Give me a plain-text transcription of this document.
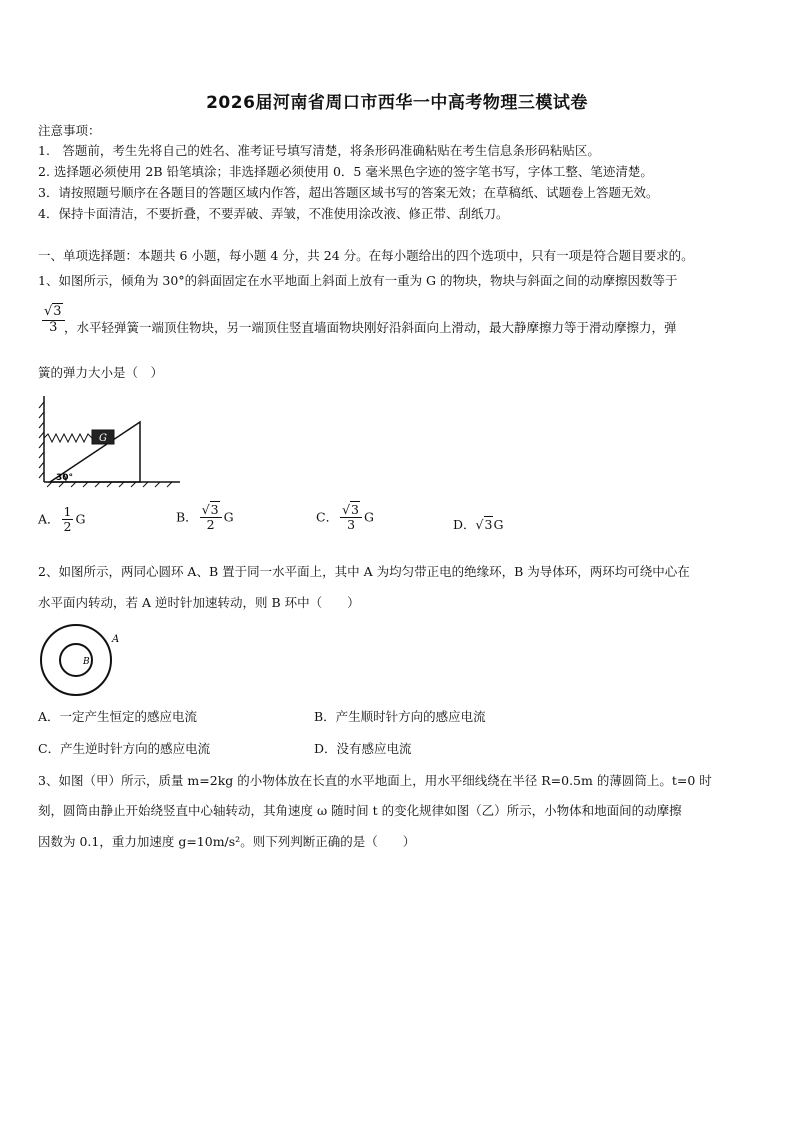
2026届河南省周口市西华一中高考物理三模试卷
注意事项：
1.　答题前，考生先将自己的姓名、准考证号填写清楚，将条形码准确粘贴在考生信息条形码粘贴区。
2. 选择题必须使用 2B 铅笔填涂；非选择题必须使用 0．5 毫米黑色字迹的签字笔书写，字体工整、笔迹清楚。
3．请按照题号顺序在各题目的答题区域内作答，超出答题区域书写的答案无效；在草稿纸、试题卷上答题无效。
4．保持卡面清洁，不要折叠，不要弄破、弄皱，不准使用涂改液、修正带、刮纸刀。
一、单项选择题：本题共 6 小题，每小题 4 分，共 24 分。在每小题给出的四个选项中，只有一项是符合题目要求的。
1、如图所示，倾角为 30°的斜面固定在水平地面上斜面上放有一重为 G 的物块，物块与斜面之间的动摩擦因数等于
$\frac{√3}{3}$ ，水平轻弹簧一端顶住物块，另一端顶住竖直墙面物块刚好沿斜面向上滑动，最大静摩擦力等于滑动摩擦力，弹
簧的弹力大小是（　）
G
30°
A． $\frac{1}{2}$ G	B． $\frac{√3}{2}$ G	C． $\frac{√3}{3}$ G
D．√3G
2、如图所示，两同心圆环 A、B 置于同一水平面上，其中 A 为均匀带正电的绝缘环，B 为导体环，两环均可绕中心在
水平面内转动，若 A 逆时针加速转动，则 B 环中（　　）
A
B
A．一定产生恒定的感应电流	B．产生顺时针方向的感应电流
C．产生逆时针方向的感应电流	D．没有感应电流
3、如图（甲）所示，质量 m=2kg 的小物体放在长直的水平地面上，用水平细线绕在半径 R=0.5m 的薄圆筒上。t=0 时
刻，圆筒由静止开始绕竖直中心轴转动，其角速度 ω 随时间 t 的变化规律如图（乙）所示，小物体和地面间的动摩擦
因数为 0.1，重力加速度 g=10m/s²。则下列判断正确的是（　　）
